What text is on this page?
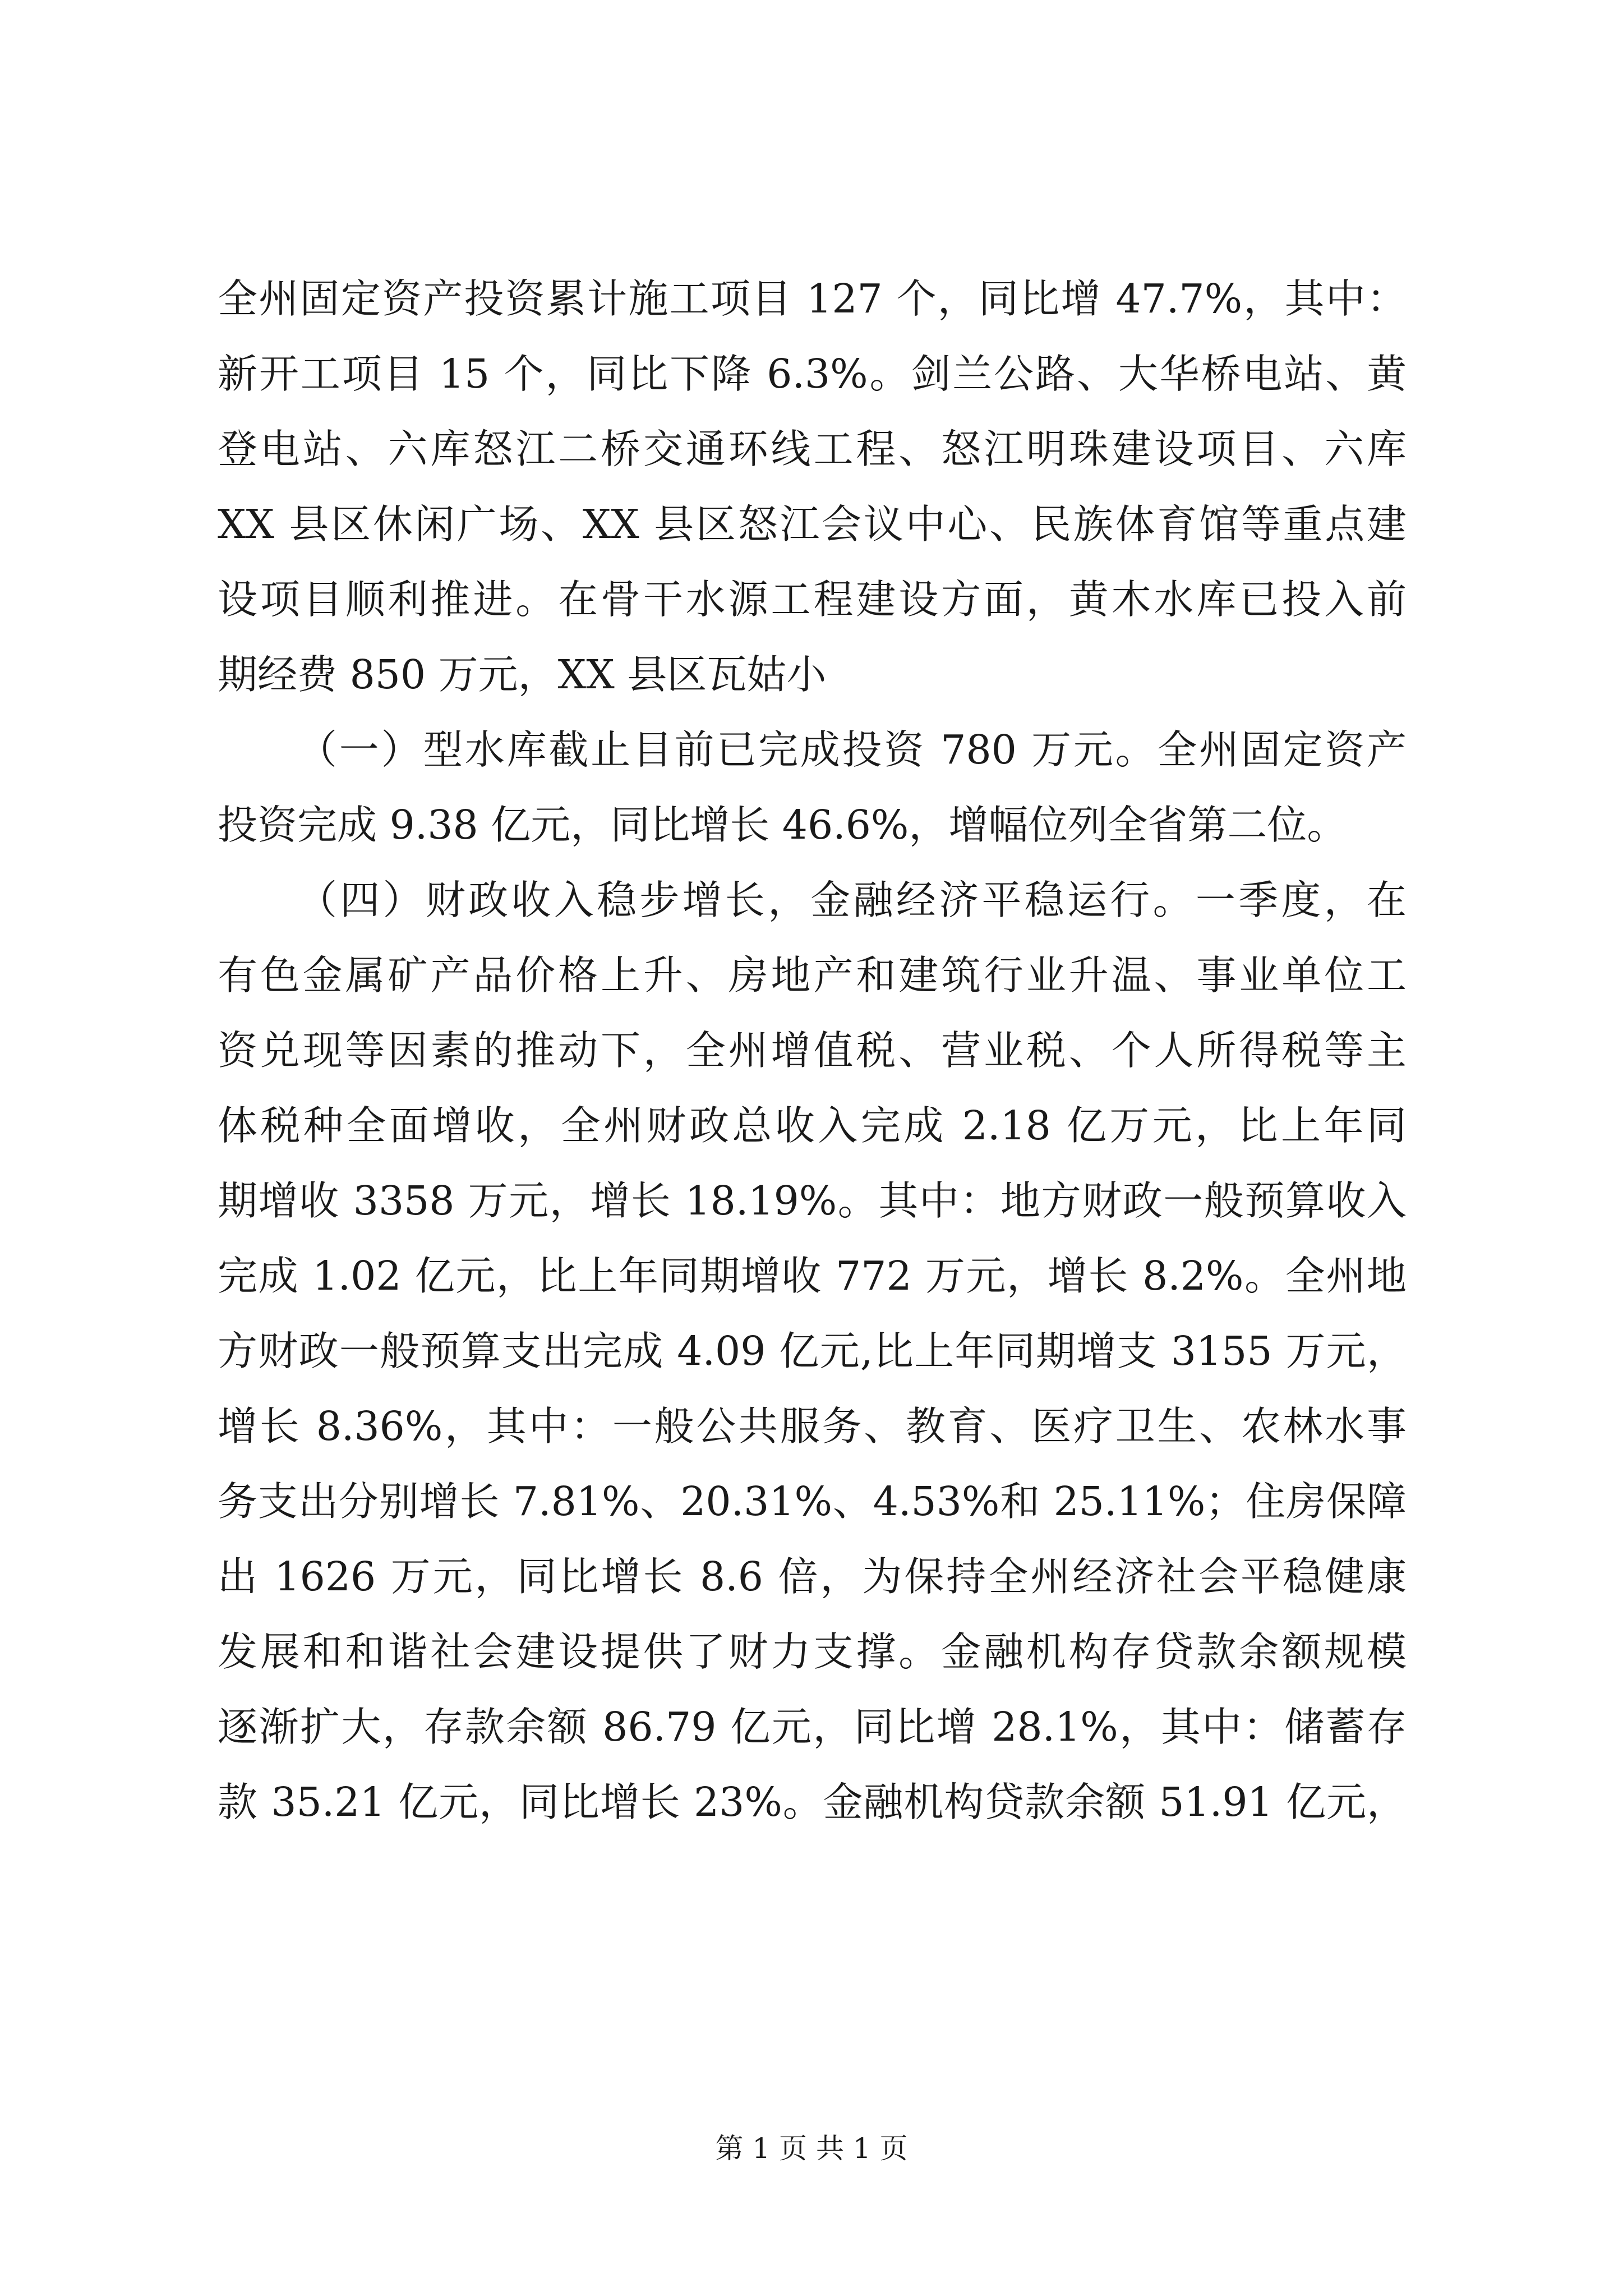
全州固定资产投资累计施工项目 127 个，同比增 47.7%，其中：
新开工项目 15 个，同比下降 6.3%。剑兰公路、大华桥电站、黄
登电站、六库怒江二桥交通环线工程、怒江明珠建设项目、六库
XX 县区休闲广场、XX 县区怒江会议中心、民族体育馆等重点建
设项目顺利推进。在骨干水源工程建设方面，黄木水库已投入前
期经费 850 万元，XX 县区瓦姑小
（一）型水库截止目前已完成投资 780 万元。全州固定资产
投资完成 9.38 亿元，同比增长 46.6%，增幅位列全省第二位。
（四）财政收入稳步增长，金融经济平稳运行。一季度，在
有色金属矿产品价格上升、房地产和建筑行业升温、事业单位工
资兑现等因素的推动下，全州增值税、营业税、个人所得税等主
体税种全面增收，全州财政总收入完成 2.18 亿万元，比上年同
期增收 3358 万元，增长 18.19%。其中：地方财政一般预算收入
完成 1.02 亿元，比上年同期增收 772 万元，增长 8.2%。全州地
方财政一般预算支出完成 4.09 亿元,比上年同期增支 3155 万元，
增长 8.36%，其中：一般公共服务、教育、医疗卫生、农林水事
务支出分别增长 7.81%、20.31%、4.53%和 25.11%；住房保障
出 1626 万元，同比增长 8.6 倍，为保持全州经济社会平稳健康
发展和和谐社会建设提供了财力支撑。金融机构存贷款余额规模
逐渐扩大，存款余额 86.79 亿元，同比增 28.1%，其中：储蓄存
款 35.21 亿元，同比增长 23%。金融机构贷款余额 51.91 亿元，
第 1 页 共 1 页
